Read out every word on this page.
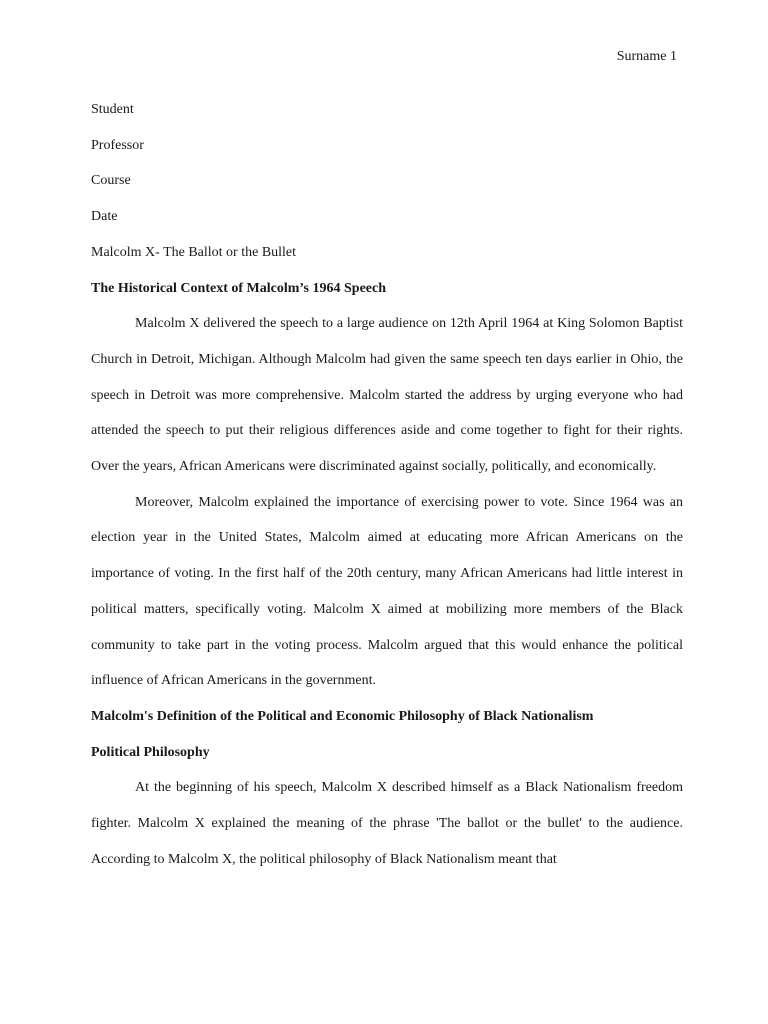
Surname 1

Student

Professor

Course

Date

Malcolm X- The Ballot or the Bullet

The Historical Context of Malcolm’s 1964 Speech

Malcolm X delivered the speech to a large audience on 12th April 1964 at King Solomon Baptist Church in Detroit, Michigan. Although Malcolm had given the same speech ten days earlier in Ohio, the speech in Detroit was more comprehensive. Malcolm started the address by urging everyone who had attended the speech to put their religious differences aside and come together to fight for their rights. Over the years, African Americans were discriminated against socially, politically, and economically.

Moreover, Malcolm explained the importance of exercising power to vote. Since 1964 was an election year in the United States, Malcolm aimed at educating more African Americans on the importance of voting. In the first half of the 20th century, many African Americans had little interest in political matters, specifically voting. Malcolm X aimed at mobilizing more members of the Black community to take part in the voting process. Malcolm argued that this would enhance the political influence of African Americans in the government.

Malcolm's Definition of the Political and Economic Philosophy of Black Nationalism

Political Philosophy

At the beginning of his speech, Malcolm X described himself as a Black Nationalism freedom fighter. Malcolm X explained the meaning of the phrase 'The ballot or the bullet' to the audience. According to Malcolm X, the political philosophy of Black Nationalism meant that
